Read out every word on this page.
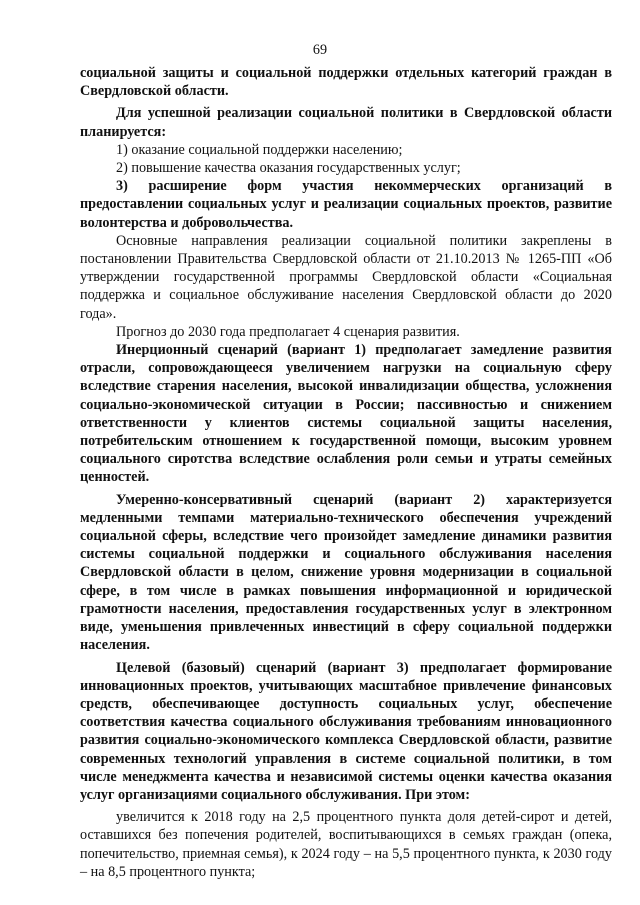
69

социальной защиты и социальной поддержки отдельных категорий граждан в Свердловской области.

Для успешной реализации социальной политики в Свердловской области планируется:

1) оказание социальной поддержки населению;
2) повышение качества оказания государственных услуг;
3) расширение форм участия некоммерческих организаций в предоставлении социальных услуг и реализации социальных проектов, развитие волонтерства и добровольчества.

Основные направления реализации социальной политики закреплены в постановлении Правительства Свердловской области от 21.10.2013 № 1265-ПП «Об утверждении государственной программы Свердловской области «Социальная поддержка и социальное обслуживание населения Свердловской области до 2020 года».

Прогноз до 2030 года предполагает 4 сценария развития.

Инерционный сценарий (вариант 1) предполагает замедление развития отрасли, сопровождающееся увеличением нагрузки на социальную сферу вследствие старения населения, высокой инвалидизации общества, усложнения социально-экономической ситуации в России; пассивностью и снижением ответственности у клиентов системы социальной защиты населения, потребительским отношением к государственной помощи, высоким уровнем социального сиротства вследствие ослабления роли семьи и утраты семейных ценностей.

Умеренно-консервативный сценарий (вариант 2) характеризуется медленными темпами материально-технического обеспечения учреждений социальной сферы, вследствие чего произойдет замедление динамики развития системы социальной поддержки и социального обслуживания населения Свердловской области в целом, снижение уровня модернизации в социальной сфере, в том числе в рамках повышения информационной и юридической грамотности населения, предоставления государственных услуг в электронном виде, уменьшения привлеченных инвестиций в сферу социальной поддержки населения.

Целевой (базовый) сценарий (вариант 3) предполагает формирование инновационных проектов, учитывающих масштабное привлечение финансовых средств, обеспечивающее доступность социальных услуг, обеспечение соответствия качества социального обслуживания требованиям инновационного развития социально-экономического комплекса Свердловской области, развитие современных технологий управления в системе социальной политики, в том числе менеджмента качества и независимой системы оценки качества оказания услуг организациями социального обслуживания. При этом:

увеличится к 2018 году на 2,5 процентного пункта доля детей-сирот и детей, оставшихся без попечения родителей, воспитывающихся в семьях граждан (опека, попечительство, приемная семья), к 2024 году – на 5,5 процентного пункта, к 2030 году – на 8,5 процентного пункта;
